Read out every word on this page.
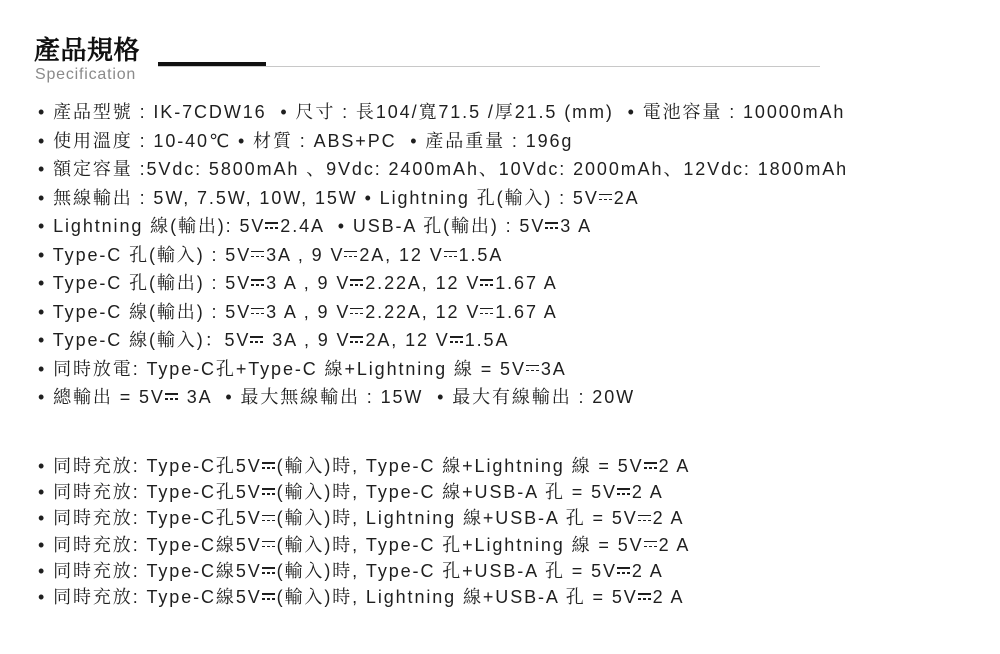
產品規格
Specification
• 產品型號 : IK-7CDW16  • 尺寸 : 長104/寬71.5 /厚21.5 (mm)  • 電池容量 : 10000mAh
• 使用溫度 : 10-40℃ • 材質 : ABS+PC  • 產品重量 : 196g
• 額定容量 :5Vdc: 5800mAh 、9Vdc: 2400mAh、10Vdc: 2000mAh、12Vdc: 1800mAh
• 無線輸出 : 5W, 7.5W, 10W, 15W • Lightning 孔(輸入) : 5V 2A
• Lightning 線(輸出): 5V 2.4A  • USB-A 孔(輸出) : 5V 3 A
• Type-C 孔(輸入) : 5V 3A , 9 V 2A, 12 V 1.5A
• Type-C 孔(輸出) : 5V 3 A , 9 V 2.22A, 12 V 1.67 A
• Type-C 線(輸出) : 5V 3 A , 9 V 2.22A, 12 V 1.67 A
• Type-C 線(輸入)：5V 3A , 9 V 2A, 12 V 1.5A
• 同時放電: Type-C孔+Type-C 線+Lightning 線 = 5V 3A
• 總輸出 = 5V 3A  • 最大無線輸出 : 15W  • 最大有線輸出 : 20W
• 同時充放: Type-C孔5V (輸入)時, Type-C 線+Lightning 線 = 5V 2 A
• 同時充放: Type-C孔5V (輸入)時, Type-C 線+USB-A 孔 = 5V 2 A
• 同時充放: Type-C孔5V (輸入)時, Lightning 線+USB-A 孔 = 5V 2 A
• 同時充放: Type-C線5V (輸入)時, Type-C 孔+Lightning 線 = 5V 2 A
• 同時充放: Type-C線5V (輸入)時, Type-C 孔+USB-A 孔 = 5V 2 A
• 同時充放: Type-C線5V (輸入)時, Lightning 線+USB-A 孔 = 5V 2 A
